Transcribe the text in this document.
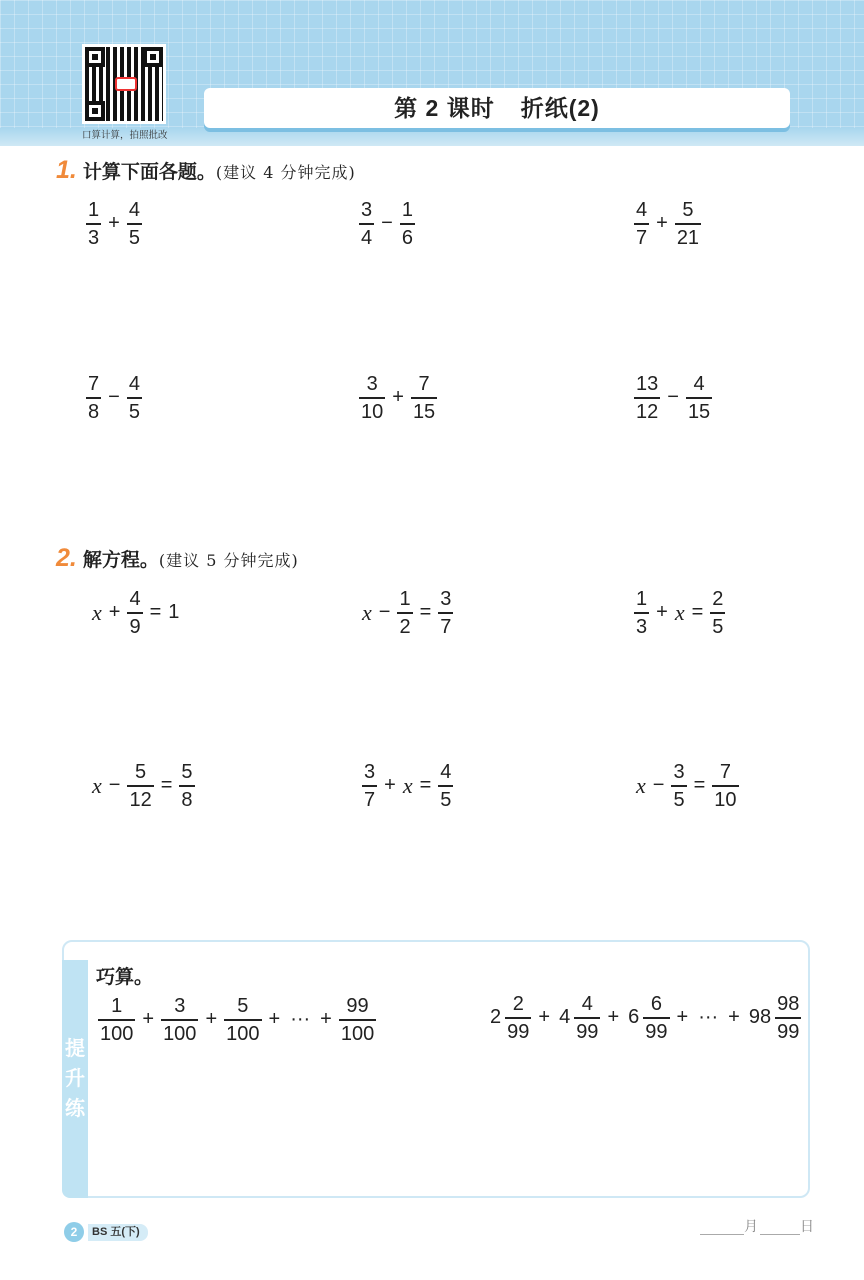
口算计算，拍照批改
第 2 课时 折纸(2)
1. 计算下面各题。(建议 4 分钟完成)
$\frac{1}{3} + \frac{4}{5}$	$\frac{3}{4} - \frac{1}{6}$	$\frac{4}{7} + \frac{5}{21}$
$\frac{7}{8} - \frac{4}{5}$	$\frac{3}{10} + \frac{7}{15}$	$\frac{13}{12} - \frac{4}{15}$
2. 解方程。(建议 5 分钟完成)
$x + \frac{4}{9} = 1$	$x - \frac{1}{2} = \frac{3}{7}$	$\frac{1}{3} + x = \frac{2}{5}$
$x - \frac{5}{12} = \frac{5}{8}$	$\frac{3}{7} + x = \frac{4}{5}$	$x - \frac{3}{5} = \frac{7}{10}$
提
升
练
巧算。
$\frac{1}{100} + \frac{3}{100} + \frac{5}{100}$ + ··· + $\frac{99}{100}$	$2 \frac{2}{99} + 4 \frac{4}{99} + 6 \frac{6}{99}$ + ··· + $98 \frac{98}{99}$
2	BS 五(下)	月	日
